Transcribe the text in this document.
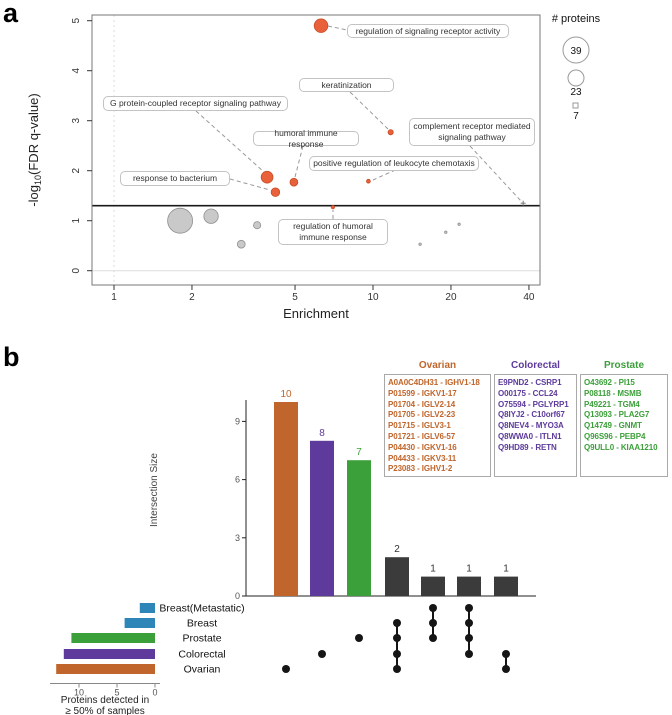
1	2	5	10	20	40
Enrichment
0
1
2
3
4
5
$-\log_{10}(FDR$ q-value)
# proteins
39
23
7
0
3
6
9
Intersection Size
10
8
7
2
1	1	1
Breast(Metastatic)
Breast
Prostate
Colorectal
Ovarian
10	5	0
Proteins detected in
≥ 50% of samples
a
b
regulation of signaling receptor activity
keratinization
G protein-coupled receptor signaling pathway
humoral immune response
response to bacterium
positive regulation of leukocyte chemotaxis
regulation of humoral
immune response
complement receptor mediated
signaling pathway
Ovarian
A0A0C4DH31 - IGHV1-18
P01599 - IGKV1-17
P01704 - IGLV2-14
P01705 - IGLV2-23
P01715 - IGLV3-1
P01721 - IGLV6-57
P04430 - IGKV1-16
P04433 - IGKV3-11
P23083 - IGHV1-2
Colorectal
E9PND2 - CSRP1
O00175 - CCL24
O75594 - PGLYRP1
Q8IYJ2 - C10orf67
Q8NEV4 - MYO3A
Q8WWA0 - ITLN1
Q9HD89 - RETN
Prostate
O43692 - PI15
P08118 - MSMB
P49221 - TGM4
Q13093 - PLA2G7
Q14749 - GNMT
Q96S96 - PEBP4
Q9ULL0 - KIAA1210
